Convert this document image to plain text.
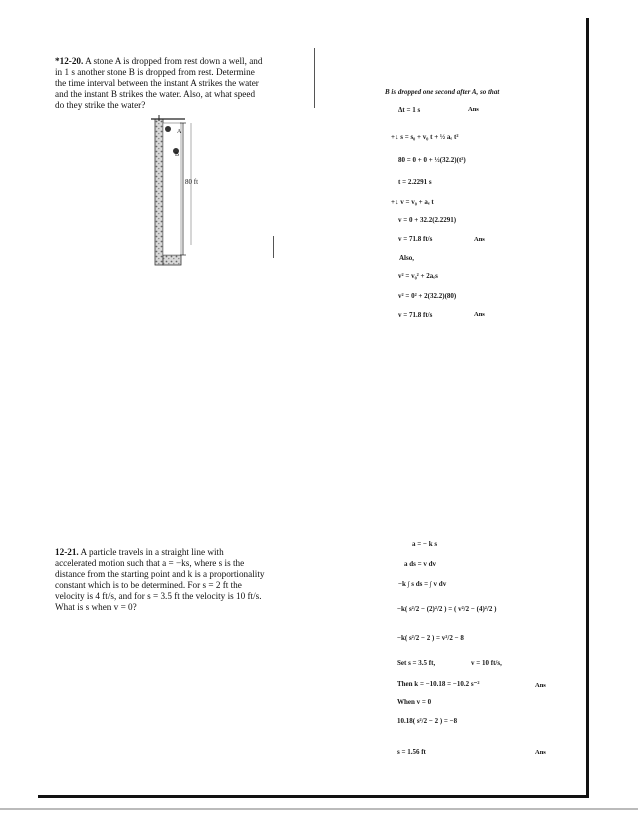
*12-20. A stone A is dropped from rest down a well, and
in 1 s another stone B is dropped from rest. Determine
the time interval between the instant A strikes the water
and the instant B strikes the water. Also, at what speed
do they strike the water?
A
B
80 ft
B is dropped one second after A, so that
Δt = 1 s	Ans
+↓ s = s₀ + v₀ t + ½ aₑ t²
80 = 0 + 0 + ½(32.2)(t²)
t = 2.2291 s
+↓ v = v₀ + aₑ t
v = 0 + 32.2(2.2291)
v = 71.8 ft/s	Ans
Also,
v² = v₀² + 2aₑs
v² = 0² + 2(32.2)(80)
v = 71.8 ft/s	Ans
12-21. A particle travels in a straight line with
accelerated motion such that a = −ks, where s is the
distance from the starting point and k is a proportionality
constant which is to be determined. For s = 2 ft the
velocity is 4 ft/s, and for s = 3.5 ft the velocity is 10 ft/s.
What is s when v = 0?
a = − k s
a ds = v dv
−k ∫ s ds = ∫ v dv
−k( s²/2 − (2)²/2 ) = ( v²/2 − (4)²/2 )
−k( s²/2 − 2 ) = v²/2 − 8
Set s = 3.5 ft,	v = 10 ft/s,
Then k = −10.18 = −10.2 s⁻²	Ans
When v = 0
10.18( s²/2 − 2 ) = −8
s = 1.56 ft	Ans
